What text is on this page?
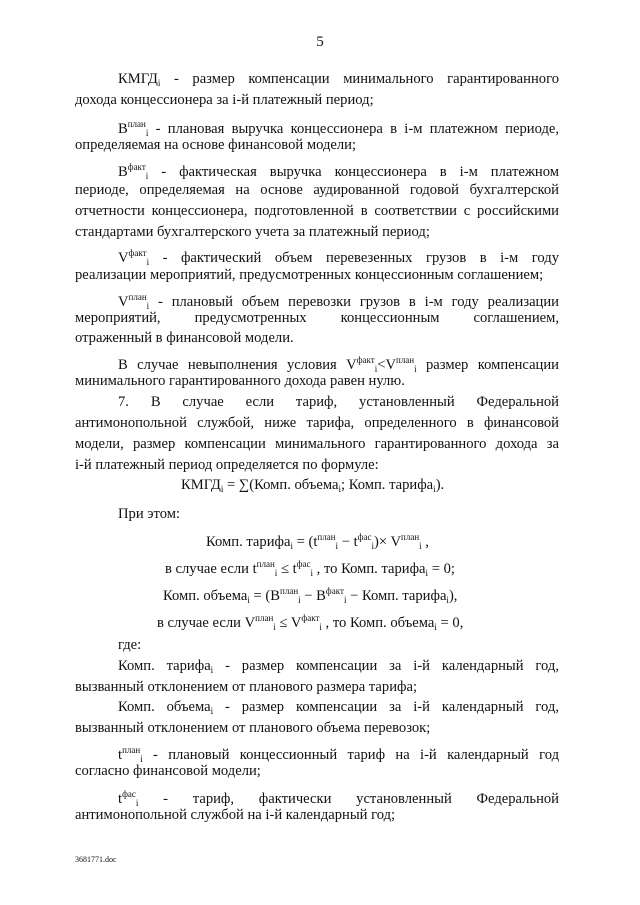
5
$КМГД_i$ - размер компенсации минимального гарантированного
дохода концессионера за i-й платежный период;
$B^{план}_i$ - плановая выручка концессионера в i-м платежном периоде,
определяемая на основе финансовой модели;
$B^{факт}_i$ - фактическая выручка концессионера в i-м платежном
периоде, определяемая на основе аудированной годовой бухгалтерской
отчетности концессионера, подготовленной в соответствии с российскими
стандартами бухгалтерского учета за платежный период;
$V^{факт}_i$ - фактический объем перевезенных грузов в i-м году
реализации мероприятий, предусмотренных концессионным соглашением;
$V^{план}_i$ - плановый объем перевозки грузов в i-м году реализации
мероприятий, предусмотренных концессионным соглашением,
отраженный в финансовой модели.
В случае невыполнения условия $V^{факт}_i<V^{план}_i$ размер компенсации
минимального гарантированного дохода равен нулю.
7. В случае если тариф, установленный Федеральной
антимонопольной службой, ниже тарифа, определенного в финансовой
модели, размер компенсации минимального гарантированного дохода за
i-й платежный период определяется по формуле:
$КМГД_i$ = ∑(Комп. объема$_i$; Комп. тарифа$_i$).
При этом:
Комп. тарифа$_i$ = $(t^{план}_i - t^{фас}_i)\times V^{план}_i$ ,
в случае если $t^{план}_i \le t^{фас}_i$ , то Комп. тарифа$_i$ = 0;
Комп. объема$_i$ = ($B^{план}_i - B^{факт}_i$ − Комп. тарифа$_i$),
в случае если $V^{план}_i \le V^{факт}_i$ , то Комп. объема$_i$ = 0,
где:
Комп. тарифа$_i$ - размер компенсации за i-й календарный год,
вызванный отклонением от планового размера тарифа;
Комп. объема$_i$ - размер компенсации за i-й календарный год,
вызванный отклонением от планового объема перевозок;
$t^{план}_i$ - плановый концессионный тариф на i-й календарный год
согласно финансовой модели;
$t^{фас}_i$ - тариф, фактически установленный Федеральной
антимонопольной службой на i-й календарный год;
3681771.doc
